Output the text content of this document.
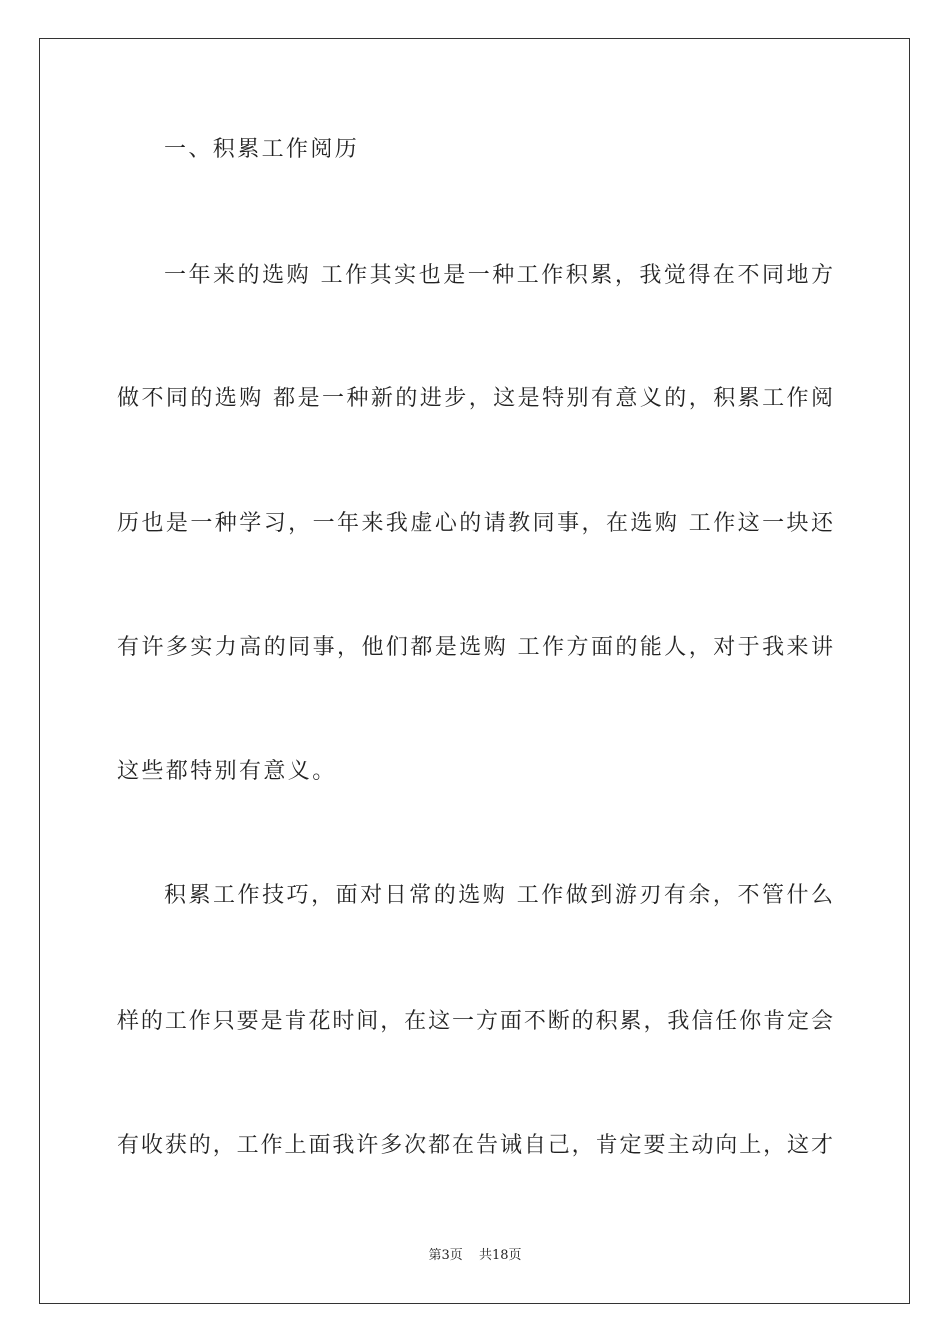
一、积累工作阅历
一年来的选购 工作其实也是一种工作积累，我觉得在不同地方
做不同的选购 都是一种新的进步，这是特别有意义的，积累工作阅
历也是一种学习，一年来我虚心的请教同事，在选购 工作这一块还
有许多实力高的同事，他们都是选购 工作方面的能人，对于我来讲
这些都特别有意义。
积累工作技巧，面对日常的选购 工作做到游刃有余，不管什么
样的工作只要是肯花时间，在这一方面不断的积累，我信任你肯定会
有收获的，工作上面我许多次都在告诫自己，肯定要主动向上，这才
第3页 共18页
